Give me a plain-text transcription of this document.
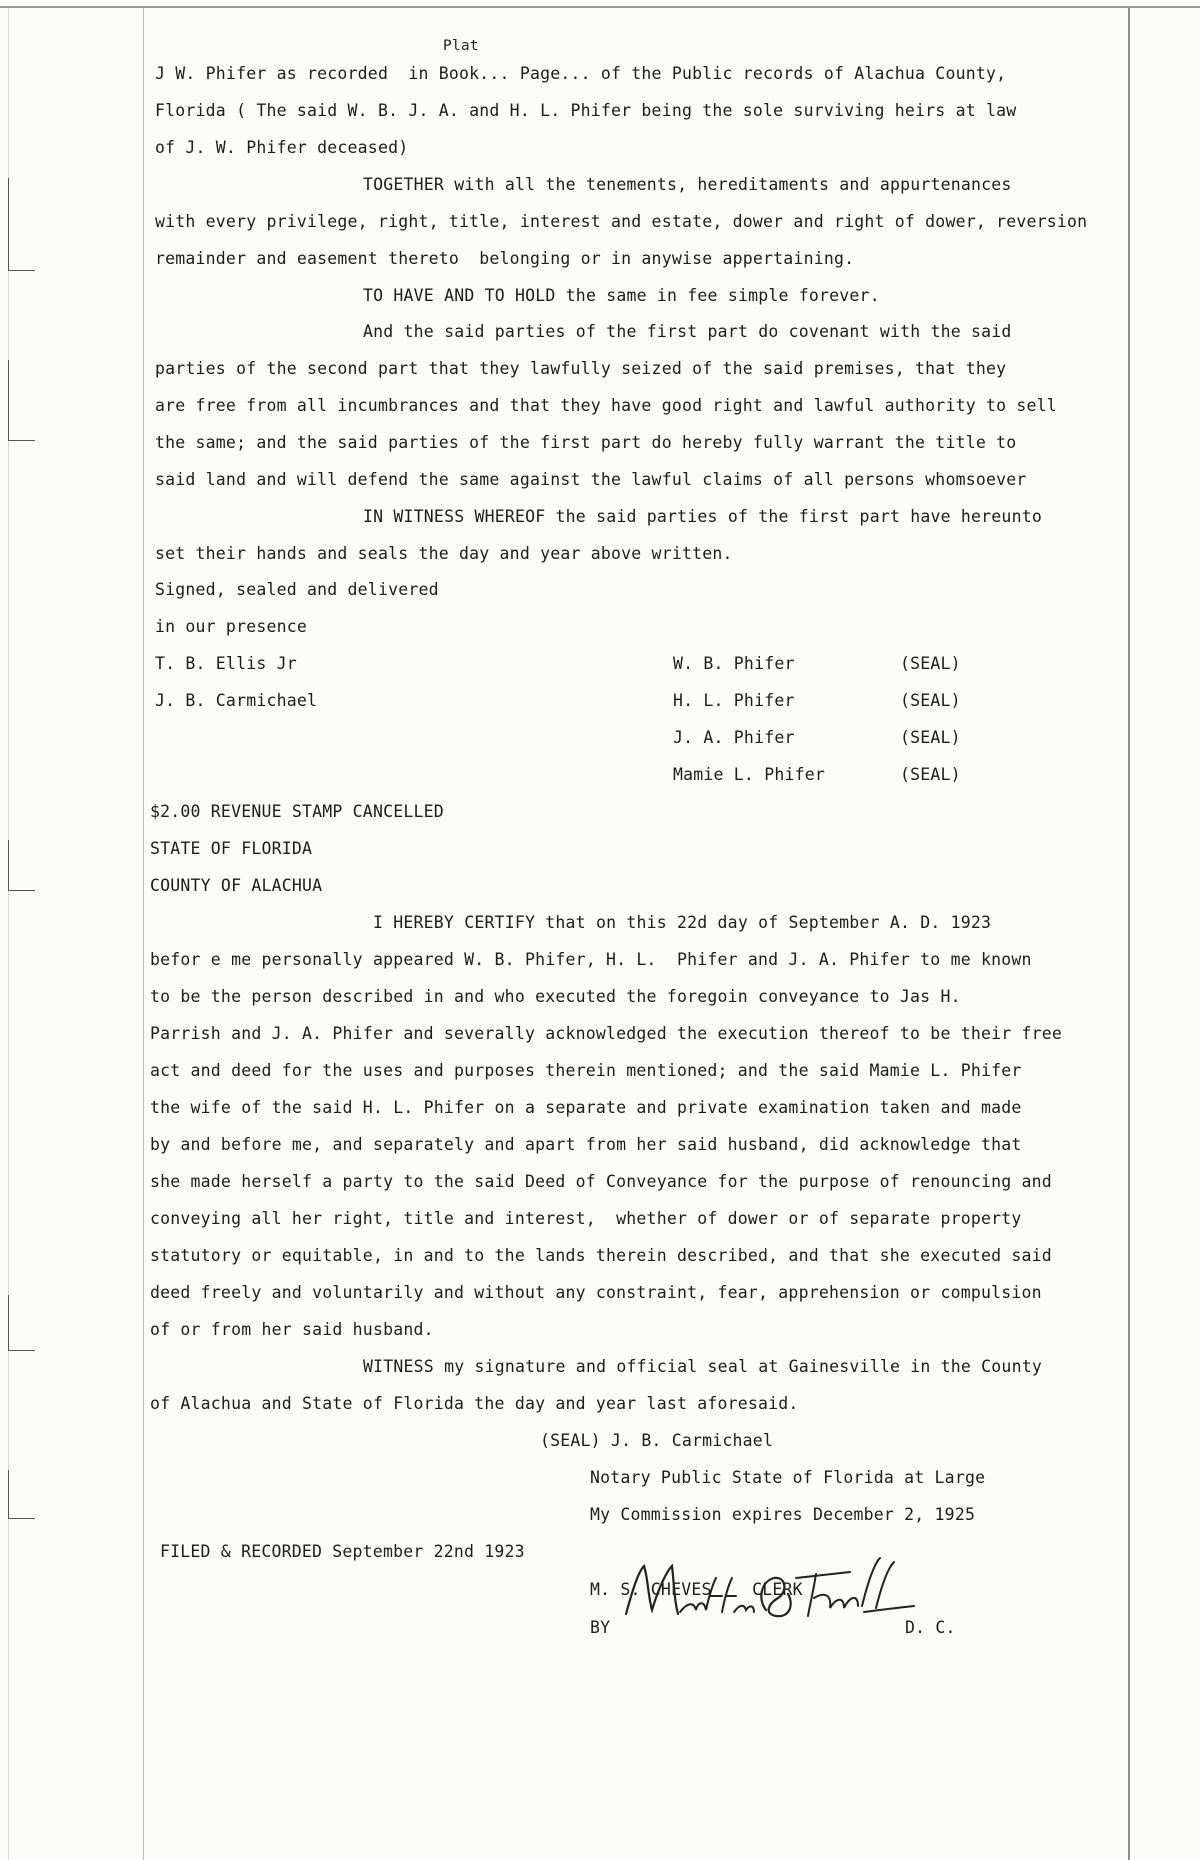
Plat
J W. Phifer as recorded  in Book... Page... of the Public records of Alachua County,
Florida ( The said W. B. J. A. and H. L. Phifer being the sole surviving heirs at law
of J. W. Phifer deceased)
TOGETHER with all the tenements, hereditaments and appurtenances
with every privilege, right, title, interest and estate, dower and right of dower, reversion
remainder and easement thereto  belonging or in anywise appertaining.
TO HAVE AND TO HOLD the same in fee simple forever.
And the said parties of the first part do covenant with the said
parties of the second part that they lawfully seized of the said premises, that they
are free from all incumbrances and that they have good right and lawful authority to sell
the same; and the said parties of the first part do hereby fully warrant the title to
said land and will defend the same against the lawful claims of all persons whomsoever
IN WITNESS WHEREOF the said parties of the first part have hereunto
set their hands and seals the day and year above written.
Signed, sealed and delivered
in our presence
T. B. Ellis Jr
J. B. Carmichael
W. B. Phifer	(SEAL)
H. L. Phifer	(SEAL)
J. A. Phifer	(SEAL)
Mamie L. Phifer	(SEAL)
$2.00 REVENUE STAMP CANCELLED
STATE OF FLORIDA
COUNTY OF ALACHUA
I HEREBY CERTIFY that on this 22d day of September A. D. 1923
befor e me personally appeared W. B. Phifer, H. L.  Phifer and J. A. Phifer to me known
to be the person described in and who executed the foregoin conveyance to Jas H.
Parrish and J. A. Phifer and severally acknowledged the execution thereof to be their free
act and deed for the uses and purposes therein mentioned; and the said Mamie L. Phifer
the wife of the said H. L. Phifer on a separate and private examination taken and made
by and before me, and separately and apart from her said husband, did acknowledge that
she made herself a party to the said Deed of Conveyance for the purpose of renouncing and
conveying all her right, title and interest,  whether of dower or of separate property
statutory or equitable, in and to the lands therein described, and that she executed said
deed freely and voluntarily and without any constraint, fear, apprehension or compulsion
of or from her said husband.
WITNESS my signature and official seal at Gainesville in the County
of Alachua and State of Florida the day and year last aforesaid.
(SEAL) J. B. Carmichael
Notary Public State of Florida at Large
My Commission expires December 2, 1925
FILED & RECORDED September 22nd 1923
M. S. CHEVES    CLERK
BY	D. C.
